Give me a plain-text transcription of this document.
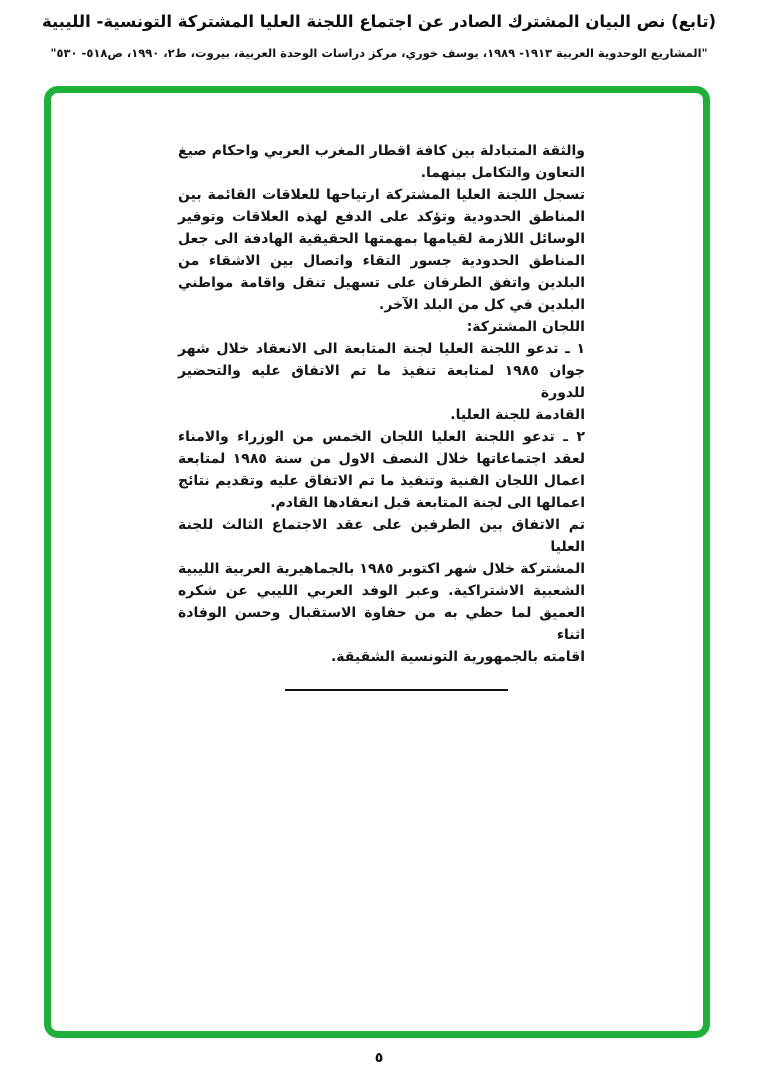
(تابع) نص البيان المشترك الصادر عن اجتماع اللجنة العليا المشتركة التونسية- الليبية
"المشاريع الوحدوية العربية ١٩١٣- ١٩٨٩، يوسف خوري، مركز دراسات الوحدة العربية، بيروت، ط٢، ١٩٩٠، ص٥١٨- ٥٣٠"
والثقة المتبادلة بين كافة اقطار المغرب العربي واحكام صيغ
التعاون والتكامل بينهما.
تسجل اللجنة العليا المشتركة ارتياحها للعلاقات القائمة بين
المناطق الحدودية وتؤكد على الدفع لهذه العلاقات وتوفير
الوسائل اللازمة لقيامها بمهمتها الحقيقية الهادفة الى جعل
المناطق الحدودية جسور التقاء واتصال بين الاشقاء من
البلدين واتفق الطرفان على تسهيل تنقل واقامة مواطني
البلدين في كل من البلد الآخر.
اللجان المشتركة:
١ ـ تدعو اللجنة العليا لجنة المتابعة الى الانعقاد خلال شهر
جوان ١٩٨٥ لمتابعة تنفيذ ما تم الاتفاق عليه والتحضير للدورة
القادمة للجنة العليا.
٢ ـ تدعو اللجنة العليا اللجان الخمس من الوزراء والامناء
لعقد اجتماعاتها خلال النصف الاول من سنة ١٩٨٥ لمتابعة
اعمال اللجان الفنية وتنفيذ ما تم الاتفاق عليه وتقديم نتائج
اعمالها الى لجنة المتابعة قبل انعقادها القادم.
تم الاتفاق بين الطرفين على عقد الاجتماع الثالث للجنة العليا
المشتركة خلال شهر اكتوبر ١٩٨٥ بالجماهيرية العربية الليبية
الشعبية الاشتراكية. وعبر الوفد العربي الليبي عن شكره
العميق لما حظي به من حفاوة الاستقبال وحسن الوفادة اثناء
اقامته بالجمهورية التونسية الشقيقة.
٥
